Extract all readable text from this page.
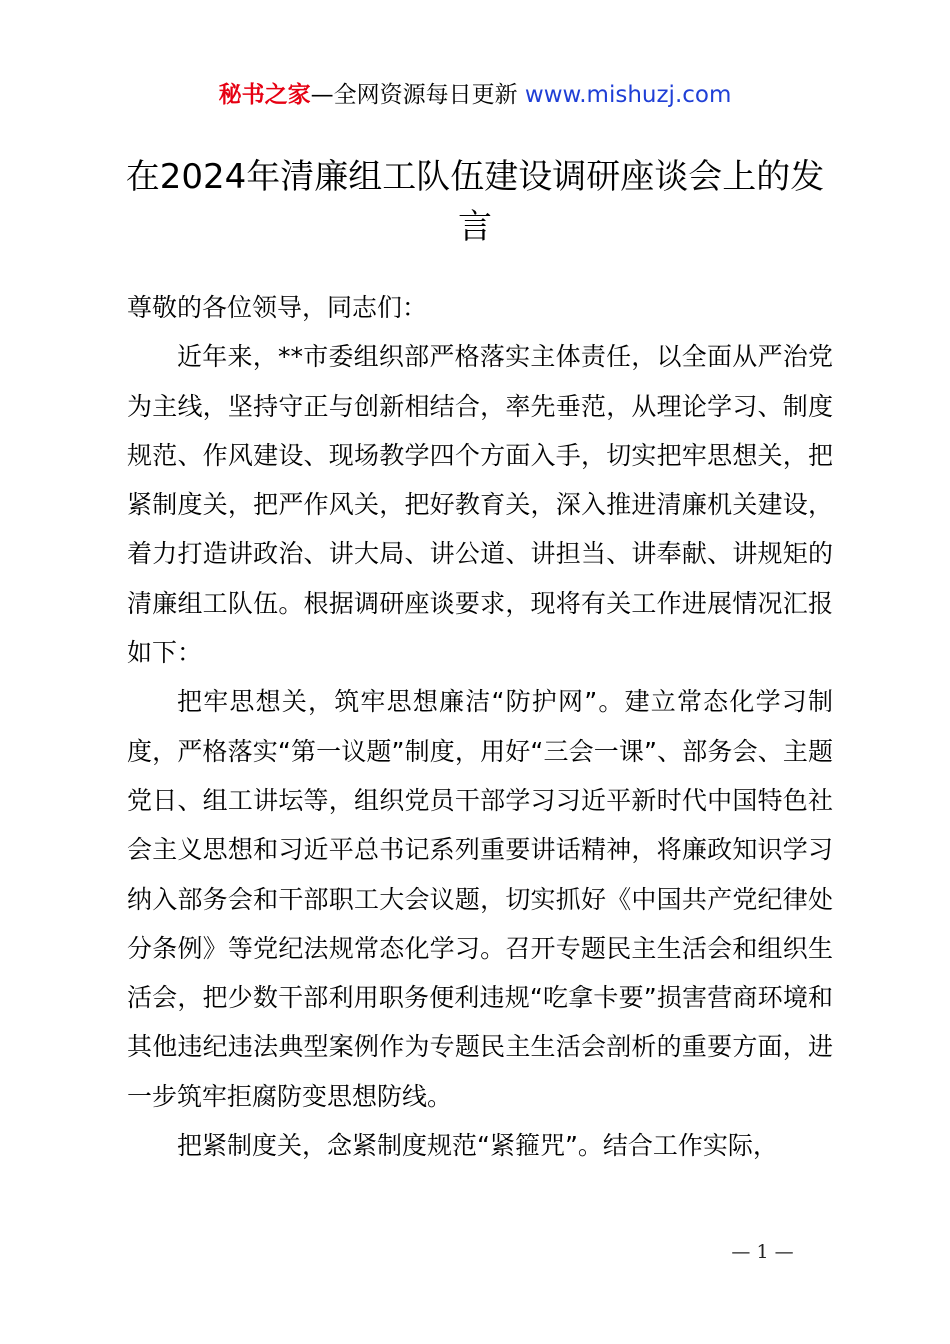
秘书之家—全网资源每日更新 www.mishuzj.com
在2024年清廉组工队伍建设调研座谈会上的发言

尊敬的各位领导，同志们：

近年来，**市委组织部严格落实主体责任，以全面从严治党为主线，坚持守正与创新相结合，率先垂范，从理论学习、制度规范、作风建设、现场教学四个方面入手，切实把牢思想关，把紧制度关，把严作风关，把好教育关，深入推进清廉机关建设，着力打造讲政治、讲大局、讲公道、讲担当、讲奉献、讲规矩的清廉组工队伍。根据调研座谈要求，现将有关工作进展情况汇报如下：

把牢思想关，筑牢思想廉洁“防护网”。建立常态化学习制度，严格落实“第一议题”制度，用好“三会一课”、部务会、主题党日、组工讲坛等，组织党员干部学习习近平新时代中国特色社会主义思想和习近平总书记系列重要讲话精神，将廉政知识学习纳入部务会和干部职工大会议题，切实抓好《中国共产党纪律处分条例》等党纪法规常态化学习。召开专题民主生活会和组织生活会，把少数干部利用职务便利违规“吃拿卡要”损害营商环境和其他违纪违法典型案例作为专题民主生活会剖析的重要方面，进一步筑牢拒腐防变思想防线。

把紧制度关，念紧制度规范“紧箍咒”。结合工作实际，

— 1 —
